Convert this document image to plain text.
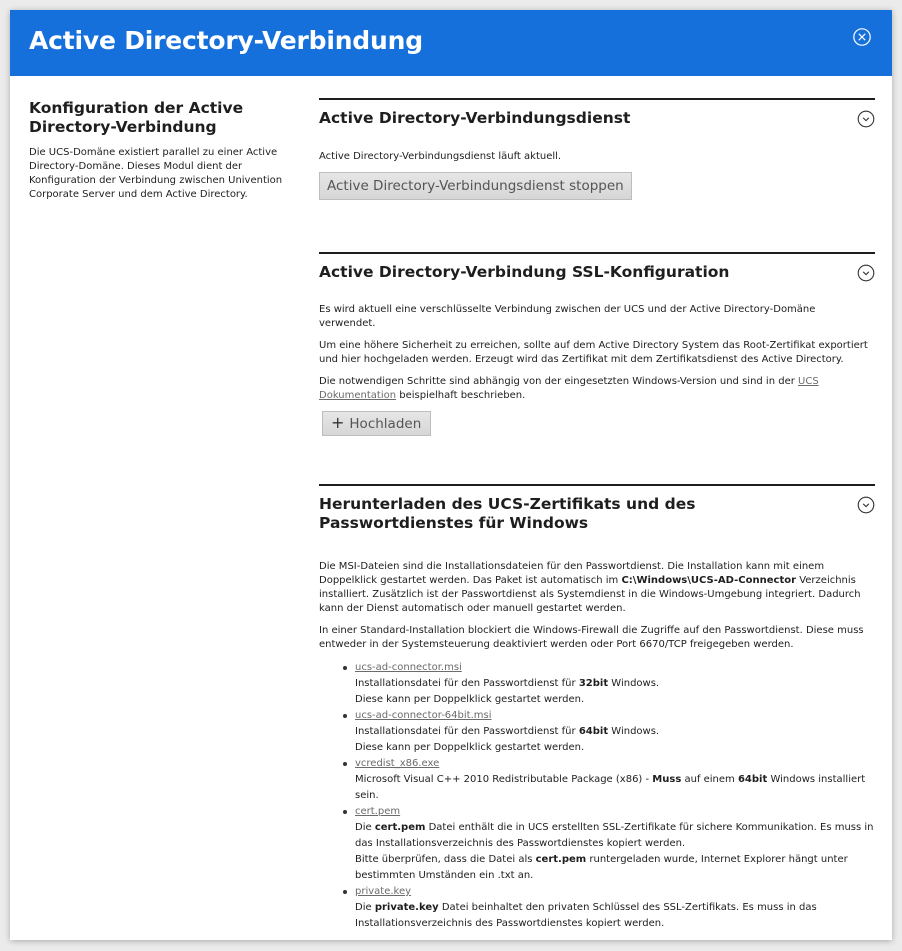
Active Directory-Verbindung
Konfiguration der Active Directory-Verbindung
Die UCS-Domäne existiert parallel zu einer Active Directory-Domäne. Dieses Modul dient der Konfiguration der Verbindung zwischen Univention Corporate Server und dem Active Directory.
Active Directory-Verbindungsdienst

Active Directory-Verbindungsdienst läuft aktuell.

Active Directory-Verbindungsdienst stoppen
Active Directory-Verbindung SSL-Konfiguration

Es wird aktuell eine verschlüsselte Verbindung zwischen der UCS und der Active Directory-Domäne verwendet.

Um eine höhere Sicherheit zu erreichen, sollte auf dem Active Directory System das Root-Zertifikat exportiert und hier hochgeladen werden. Erzeugt wird das Zertifikat mit dem Zertifikatsdienst des Active Directory.

Die notwendigen Schritte sind abhängig von der eingesetzten Windows-Version und sind in der UCS Dokumentation beispielhaft beschrieben.

+ Hochladen
Herunterladen des UCS-Zertifikats und des Passwortdienstes für Windows

Die MSI-Dateien sind die Installationsdateien für den Passwortdienst. Die Installation kann mit einem Doppelklick gestartet werden. Das Paket ist automatisch im C:\Windows\UCS-AD-Connector Verzeichnis installiert. Zusätzlich ist der Passwortdienst als Systemdienst in die Windows-Umgebung integriert. Dadurch kann der Dienst automatisch oder manuell gestartet werden.

In einer Standard-Installation blockiert die Windows-Firewall die Zugriffe auf den Passwortdienst. Diese muss entweder in der Systemsteuerung deaktiviert werden oder Port 6670/TCP freigegeben werden.

ucs-ad-connector.msi
Installationsdatei für den Passwortdienst für 32bit Windows.
Diese kann per Doppelklick gestartet werden.
ucs-ad-connector-64bit.msi
Installationsdatei für den Passwortdienst für 64bit Windows.
Diese kann per Doppelklick gestartet werden.
vcredist_x86.exe
Microsoft Visual C++ 2010 Redistributable Package (x86) - Muss auf einem 64bit Windows installiert sein.
cert.pem
Die cert.pem Datei enthält die in UCS erstellten SSL-Zertifikate für sichere Kommunikation. Es muss in das Installationsverzeichnis des Passwortdienstes kopiert werden.
Bitte überprüfen, dass die Datei als cert.pem runtergeladen wurde, Internet Explorer hängt unter bestimmten Umständen ein .txt an.
private.key
Die private.key Datei beinhaltet den privaten Schlüssel des SSL-Zertifikats. Es muss in das Installationsverzeichnis des Passwortdienstes kopiert werden.
